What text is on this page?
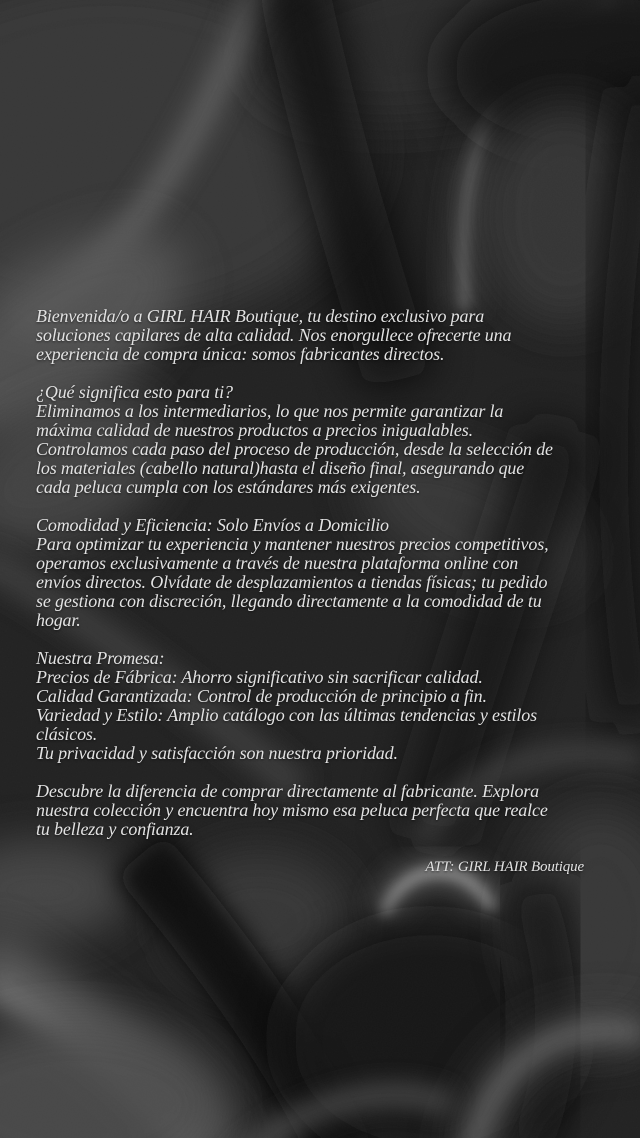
Bienvenida/o a GIRL HAIR Boutique, tu destino exclusivo para
soluciones capilares de alta calidad. Nos enorgullece ofrecerte una
experiencia de compra única: somos fabricantes directos.
¿Qué significa esto para ti?
Eliminamos a los intermediarios, lo que nos permite garantizar la
máxima calidad de nuestros productos a precios inigualables.
Controlamos cada paso del proceso de producción, desde la selección de
los materiales (cabello natural)hasta el diseño final, asegurando que
cada peluca cumpla con los estándares más exigentes.
Comodidad y Eficiencia: Solo Envíos a Domicilio
Para optimizar tu experiencia y mantener nuestros precios competitivos,
operamos exclusivamente a través de nuestra plataforma online con
envíos directos. Olvídate de desplazamientos a tiendas físicas; tu pedido
se gestiona con discreción, llegando directamente a la comodidad de tu
hogar.
Nuestra Promesa:
Precios de Fábrica: Ahorro significativo sin sacrificar calidad.
Calidad Garantizada: Control de producción de principio a fin.
Variedad y Estilo: Amplio catálogo con las últimas tendencias y estilos
clásicos.
Tu privacidad y satisfacción son nuestra prioridad.
Descubre la diferencia de comprar directamente al fabricante. Explora
nuestra colección y encuentra hoy mismo esa peluca perfecta que realce
tu belleza y confianza.
ATT: GIRL HAIR Boutique
